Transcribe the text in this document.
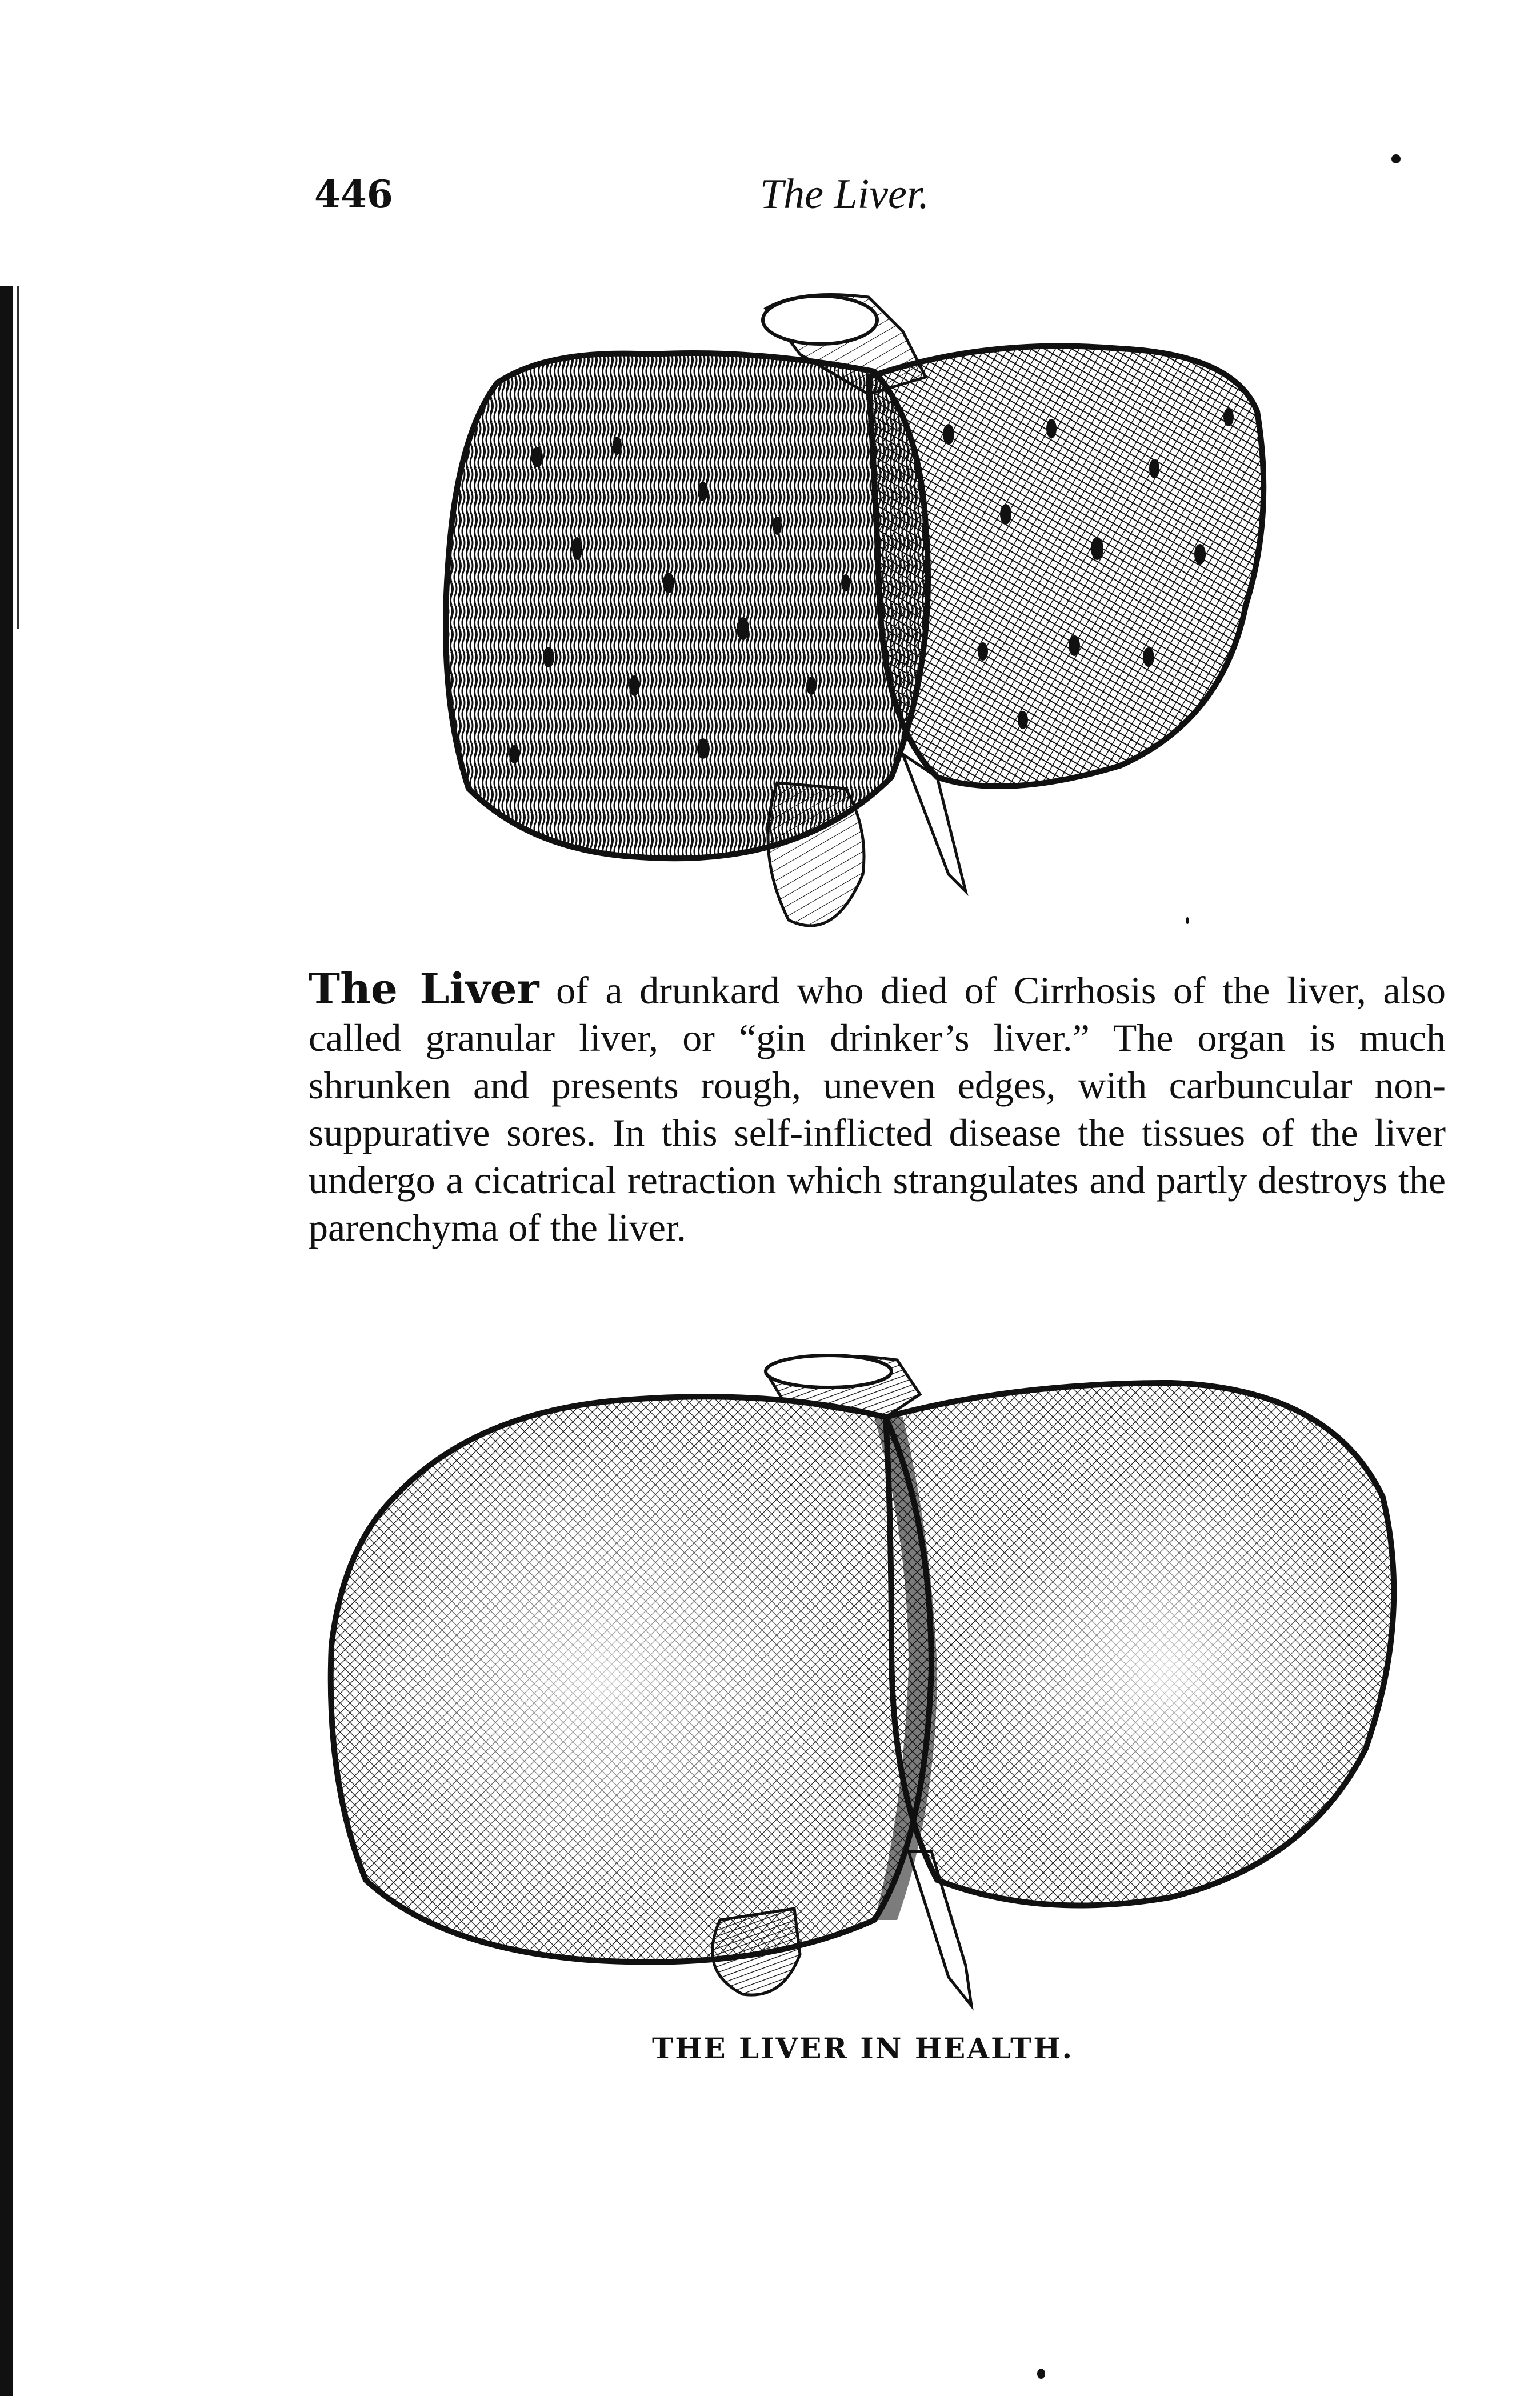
446	The Liver.
The Liver of a drunkard who died of Cirrhosis of the liver, also called granular liver, or “gin drinker’s liver.” The organ is much shrunken and presents rough, uneven edges, with carbuncular non-suppurative sores. In this self-inflicted disease the tissues of the liver undergo a cicatrical retraction which strangulates and partly destroys the parenchyma of the liver.
THE LIVER IN HEALTH.
